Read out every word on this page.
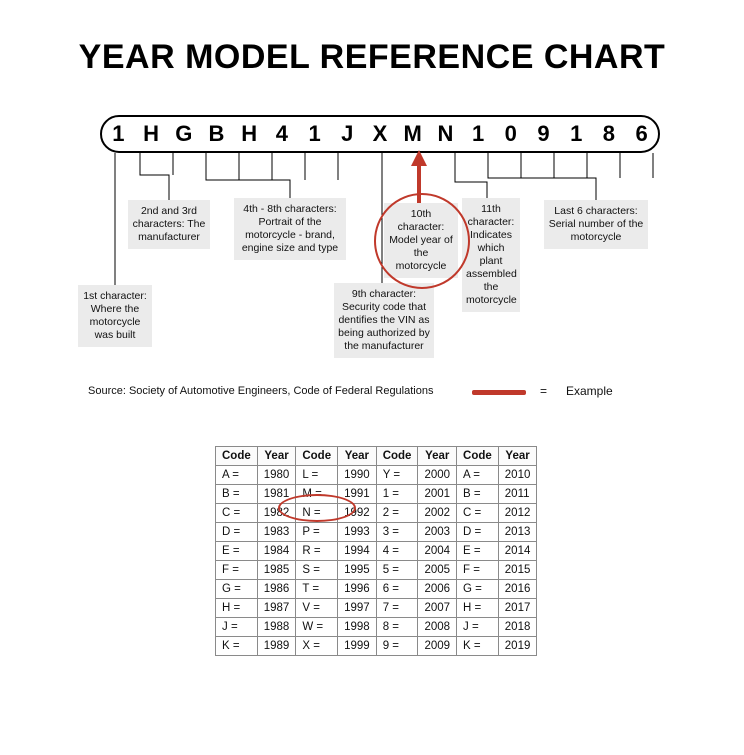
YEAR MODEL REFERENCE CHART
1 H G B H 4 1 J X M N 1 0 9 1 8 6
1st character: Where the motorcycle was built
2nd and 3rd characters: The manufacturer
4th - 8th characters: Portrait of the motorcycle - brand, engine size and type
9th character: Security code that dentifies the VIN as being authorized by the manufacturer
10th character: Model year of the motorcycle
11th character: Indicates which plant assembled the motorcycle
Last 6 characters: Serial number of the motorcycle
Source: Society of Automotive Engineers, Code of Federal Regulations	= Example
Code	Year	Code	Year	Code	Year	Code	Year
A =	1980	L =	1990	Y =	2000	A =	2010
B =	1981	M =	1991	1 =	2001	B =	2011
C =	1982	N =	1992	2 =	2002	C =	2012
D =	1983	P =	1993	3 =	2003	D =	2013
E =	1984	R =	1994	4 =	2004	E =	2014
F =	1985	S =	1995	5 =	2005	F =	2015
G =	1986	T =	1996	6 =	2006	G =	2016
H =	1987	V =	1997	7 =	2007	H =	2017
J =	1988	W =	1998	8 =	2008	J =	2018
K =	1989	X =	1999	9 =	2009	K =	2019
